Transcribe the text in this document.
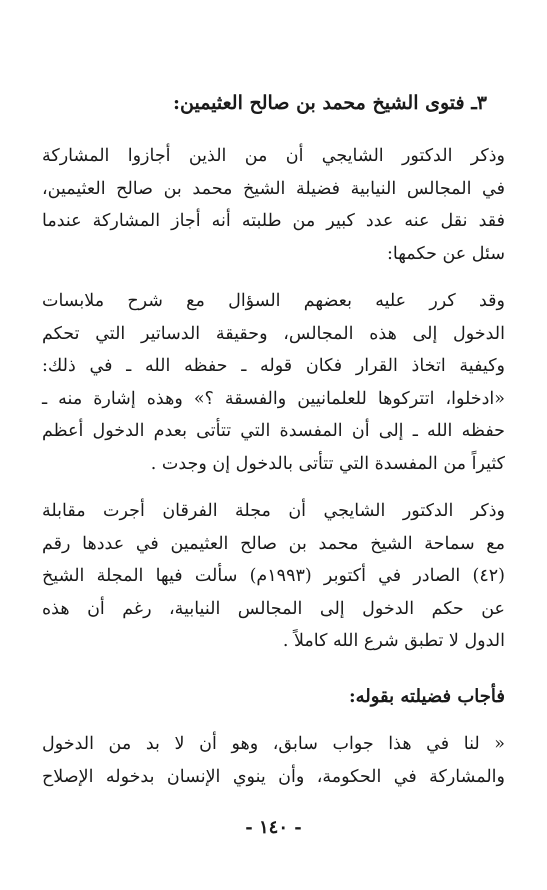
٣ـ فتوى الشيخ محمد بن صالح العثيمين:
وذكر الدكتور الشايجي أن من الذين أجازوا المشاركة
في المجالس النيابية فضيلة الشيخ محمد بن صالح العثيمين،
فقد نقل عنه عدد كبير من طلبته أنه أجاز المشاركة عندما
سئل عن حكمها:
وقد كرر عليه بعضهم السؤال مع شرح ملابسات
الدخول إلى هذه المجالس، وحقيقة الدساتير التي تحكم
وكيفية اتخاذ القرار فكان قوله ـ حفظه الله ـ في ذلك:
«ادخلوا، اتتركوها للعلمانيين والفسقة ؟» وهذه إشارة منه ـ
حفظه الله ـ إلى أن المفسدة التي تتأتى بعدم الدخول أعظم
كثيراً من المفسدة التي تتأتى بالدخول إن وجدت .
وذكر الدكتور الشايجي أن مجلة الفرقان أجرت مقابلة
مع سماحة الشيخ محمد بن صالح العثيمين في عددها رقم
(٤٢) الصادر في أكتوبر (١٩٩٣م) سألت فيها المجلة الشيخ
عن حكم الدخول إلى المجالس النيابية، رغم أن هذه
الدول لا تطبق شرع الله كاملاً .
فأجاب فضيلته بقوله:
« لنا في هذا جواب سابق، وهو أن لا بد من الدخول
والمشاركة في الحكومة، وأن ينوي الإنسان بدخوله الإصلاح
- ١٤٠ -
